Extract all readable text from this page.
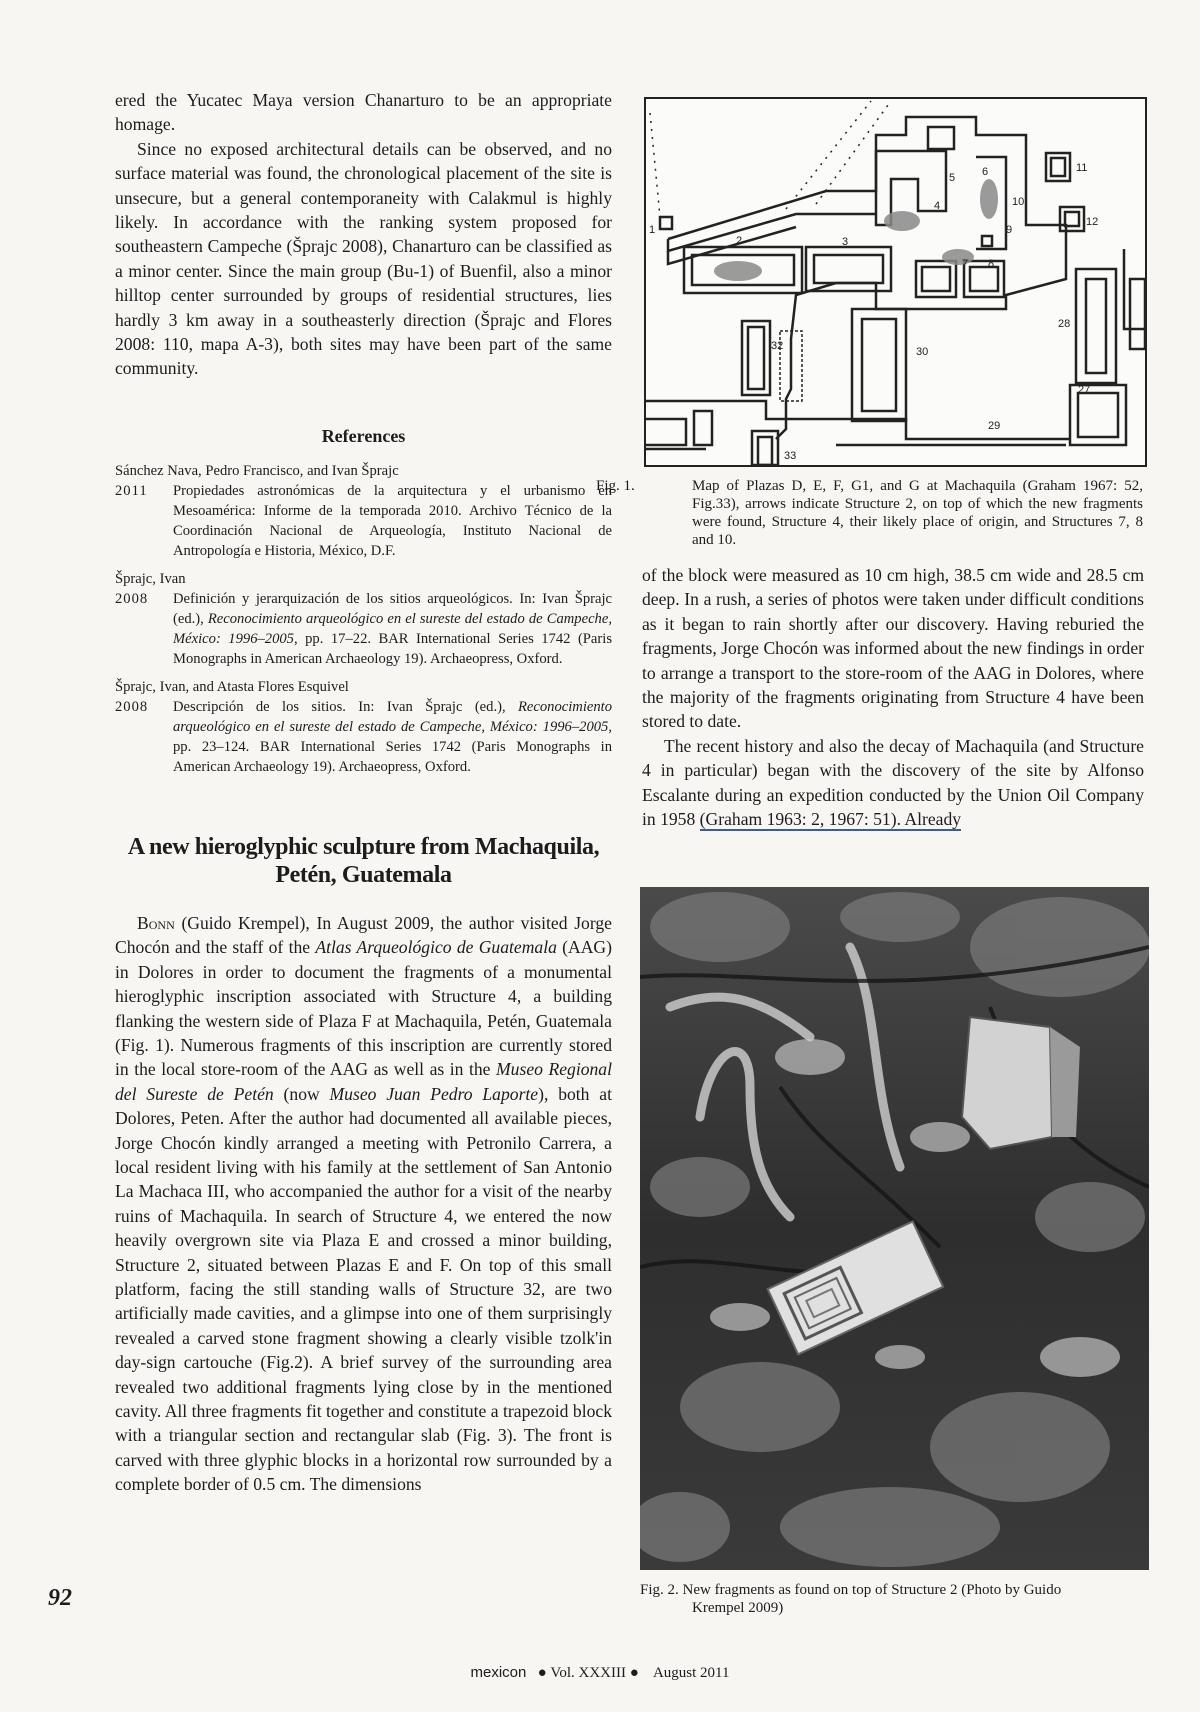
ered the Yucatec Maya version Chanarturo to be an appropriate homage.

Since no exposed architectural details can be observed, and no surface material was found, the chronological placement of the site is unsecure, but a general contemporaneity with Calakmul is highly likely. In accordance with the ranking system proposed for southeastern Campeche (Šprajc 2008), Chanarturo can be classified as a minor center. Since the main group (Bu-1) of Buenfil, also a minor hilltop center surrounded by groups of residential structures, lies hardly 3 km away in a southeasterly direction (Šprajc and Flores 2008: 110, mapa A-3), both sites may have been part of the same community.

References
Sánchez Nava, Pedro Francisco, and Ivan Šprajc
2011	Propiedades astronómicas de la arquitectura y el urbanismo en Mesoamérica: Informe de la temporada 2010. Archivo Técnico de la Coordinación Nacional de Arqueología, Instituto Nacional de Antropología e Historia, México, D.F.
Šprajc, Ivan
2008	Definición y jerarquización de los sitios arqueológicos. In: Ivan Šprajc (ed.), Reconocimiento arqueológico en el sureste del estado de Campeche, México: 1996–2005, pp. 17–22. BAR International Series 1742 (Paris Monographs in American Archaeology 19). Archaeopress, Oxford.
Šprajc, Ivan, and Atasta Flores Esquivel
2008	Descripción de los sitios. In: Ivan Šprajc (ed.), Reconocimiento arqueológico en el sureste del estado de Campeche, México: 1996–2005, pp. 23–124. BAR International Series 1742 (Paris Monographs in American Archaeology 19). Archaeopress, Oxford.
A new hieroglyphic sculpture from Machaquila,
Petén, Guatemala

Bonn (Guido Krempel), In August 2009, the author visited Jorge Chocón and the staff of the Atlas Arqueológico de Guatemala (AAG) in Dolores in order to document the fragments of a monumental hieroglyphic inscription associated with Structure 4, a building flanking the western side of Plaza F at Machaquila, Petén, Guatemala (Fig. 1). Numerous fragments of this inscription are currently stored in the local store-room of the AAG as well as in the Museo Regional del Sureste de Petén (now Museo Juan Pedro Laporte), both at Dolores, Peten. After the author had documented all available pieces, Jorge Chocón kindly arranged a meeting with Petronilo Carrera, a local resident living with his family at the settlement of San Antonio La Machaca III, who accompanied the author for a visit of the nearby ruins of Machaquila. In search of Structure 4, we entered the now heavily overgrown site via Plaza E and crossed a minor building, Structure 2, situated between Plazas E and F. On top of this small platform, facing the still standing walls of Structure 32, are two artificially made cavities, and a glimpse into one of them surprisingly revealed a carved stone fragment showing a clearly visible tzolk'in day-sign cartouche (Fig.2). A brief survey of the surrounding area revealed two additional fragments lying close by in the mentioned cavity. All three fragments fit together and constitute a trapezoid block with a triangular section and rectangular slab (Fig. 3). The front is carved with three glyphic blocks in a horizontal row surrounded by a complete border of 0.5 cm. The dimensions

1
2	3
4
5 6
7 8
9
10
11
12
27
28
29
30
32
33
Fig. 1.	Map of Plazas D, E, F, G1, and G at Machaquila (Graham 1967: 52, Fig.33), arrows indicate Structure 2, on top of which the new fragments were found, Structure 4, their likely place of origin, and Structures 7, 8 and 10.

of the block were measured as 10 cm high, 38.5 cm wide and 28.5 cm deep. In a rush, a series of photos were taken under difficult conditions as it began to rain shortly after our discovery. Having reburied the fragments, Jorge Chocón was informed about the new findings in order to arrange a transport to the store-room of the AAG in Dolores, where the majority of the fragments originating from Structure 4 have been stored to date.

The recent history and also the decay of Machaquila (and Structure 4 in particular) began with the discovery of the site by Alfonso Escalante during an expedition conducted by the Union Oil Company in 1958 (Graham 1963: 2, 1967: 51). Already

Fig. 2. New fragments as found on top of Structure 2 (Photo by Guido
Krempel 2009)
92
mexicon   ● Vol. XXXIII ●    August 2011
